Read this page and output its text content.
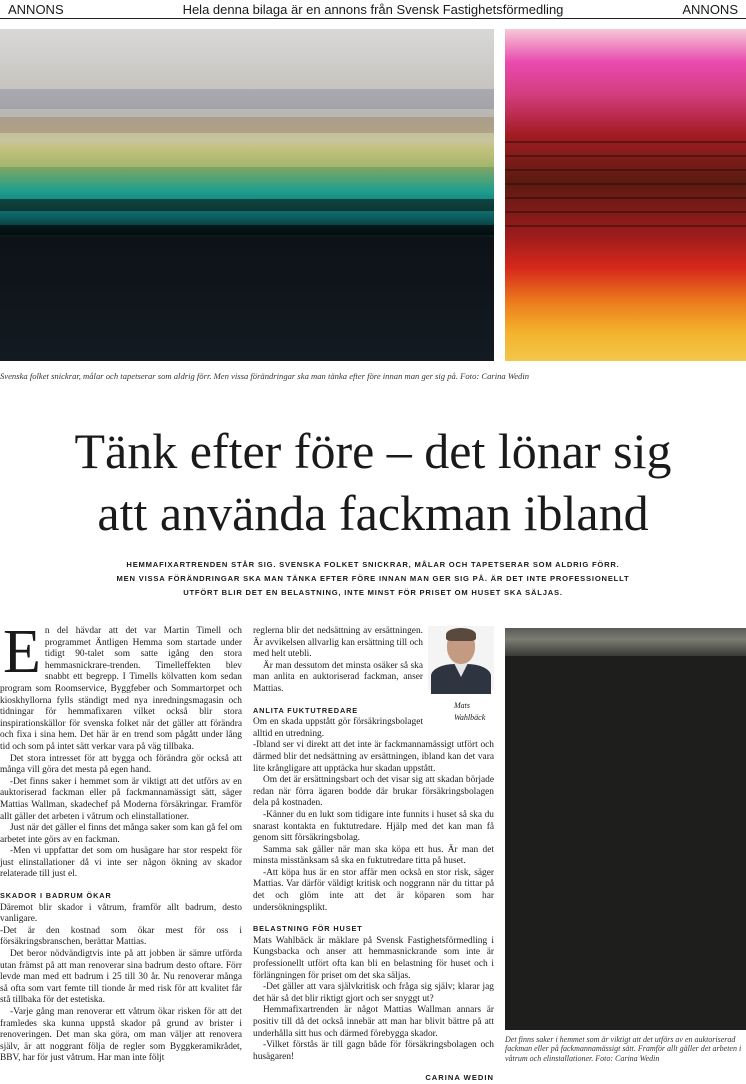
ANNONS	Hela denna bilaga är en annons från Svensk Fastighetsförmedling	ANNONS
Svenska folket snickrar, målar och tapetserar som aldrig förr. Men vissa förändringar ska man tänka efter före innan man ger sig på. Foto: Carina Wedin
Tänk efter före – det lönar sig
att använda fackman ibland
HEMMAFIXARTRENDEN STÅR SIG. SVENSKA FOLKET SNICKRAR, MÅLAR OCH TAPETSERAR SOM ALDRIG FÖRR.
MEN VISSA FÖRÄNDRINGAR SKA MAN TÄNKA EFTER FÖRE INNAN MAN GER SIG PÅ. ÄR DET INTE PROFESSIONELLT
UTFÖRT BLIR DET EN BELASTNING, INTE MINST FÖR PRISET OM HUSET SKA SÄLJAS.

En del hävdar att det var Martin Timell och programmet Äntligen Hemma som startade under tidigt 90-talet som satte igång den stora hemmasnickrare-trenden. Timelleffekten blev snabbt ett begrepp. I Timells kölvatten kom sedan program som Roomservice, Byggfeber och Sommartorpet och kioskhyllorna fylls ständigt med nya inredningsmagasin och tidningar för hemmafixaren vilket också blir stora inspirationskällor för svenska folket när det gäller att förändra och fixa i sina hem. Det här är en trend som pågått under lång tid och som på intet sätt verkar vara på väg tillbaka.

Det stora intresset för att bygga och förändra gör också att många vill göra det mesta på egen hand.

-Det finns saker i hemmet som är viktigt att det utförs av en auktoriserad fackman eller på fackmannamässigt sätt, säger Mattias Wallman, skadechef på Moderna försäkringar. Framför allt gäller det arbeten i våtrum och elinstallationer.

Just när det gäller el finns det många saker som kan gå fel om arbetet inte görs av en fackman.

-Men vi uppfattar det som om husägare har stor respekt för just elinstallationer då vi inte ser någon ökning av skador relaterade till just el.

SKADOR I BADRUM ÖKAR

Däremot blir skador i våtrum, framför allt badrum, desto vanligare.

-Det är den kostnad som ökar mest för oss i försäkringsbranschen, berättar Mattias.

Det beror nödvändigtvis inte på att jobben är sämre utförda utan främst på att man renoverar sina badrum desto oftare. Förr levde man med ett badrum i 25 till 30 år. Nu renoverar många så ofta som vart femte till tionde år med risk för att kvalitet får stå tillbaka för det estetiska.

-Varje gång man renoverar ett våtrum ökar risken för att det framledes ska kunna uppstå skador på grund av brister i renoveringen. Det man ska göra, om man väljer att renovera själv, är att noggrant följa de regler som Byggkeramikrådet, BBV, har för just våtrum. Har man inte följt

Mats Wahlbäck

reglerna blir det nedsättning av ersättningen. Är avvikelsen allvarlig kan ersättning till och med helt utebli.

Är man dessutom det minsta osäker så ska man anlita en auktoriserad fackman, anser Mattias.

ANLITA FUKTUTREDARE

Om en skada uppstått gör försäkringsbolaget alltid en utredning.

-Ibland ser vi direkt att det inte är fackmannamässigt utfört och därmed blir det nedsättning av ersättningen, ibland kan det vara lite krångligare att upptäcka hur skadan uppstått.

Om det är ersättningsbart och det visar sig att skadan började redan när förra ägaren bodde där brukar försäkringsbolagen dela på kostnaden.

-Känner du en lukt som tidigare inte funnits i huset så ska du snarast kontakta en fuktutredare. Hjälp med det kan man få genom sitt försäkringsbolag.

Samma sak gäller när man ska köpa ett hus. Är man det minsta misstänksam så ska en fuktutredare titta på huset.

-Att köpa hus är en stor affär men också en stor risk, säger Mattias. Var därför väldigt kritisk och noggrann när du tittar på det och glöm inte att det är köparen som har undersökningsplikt.

BELASTNING FÖR HUSET

Mats Wahlbäck är mäklare på Svensk Fastighetsförmedling i Kungsbacka och anser att hemmasnickrande som inte är professionellt utfört ofta kan bli en belastning för huset och i förlängningen för priset om det ska säljas.

-Det gäller att vara självkritisk och fråga sig själv; klarar jag det här så det blir riktigt gjort och ser snyggt ut?

Hemmafixartrenden är något Mattias Wallman annars är positiv till då det också innebär att man har blivit bättre på att underhålla sitt hus och därmed förebygga skador.

-Vilket förstås är till gagn både för försäkringsbolagen och husägaren!

CARINA WEDIN
Det finns saker i hemmet som är viktigt att det utförs av en auktoriserad fackman eller på fackmannamässigt sätt. Framför allt gäller det arbeten i våtrum och elinstallationer. Foto: Carina Wedin
